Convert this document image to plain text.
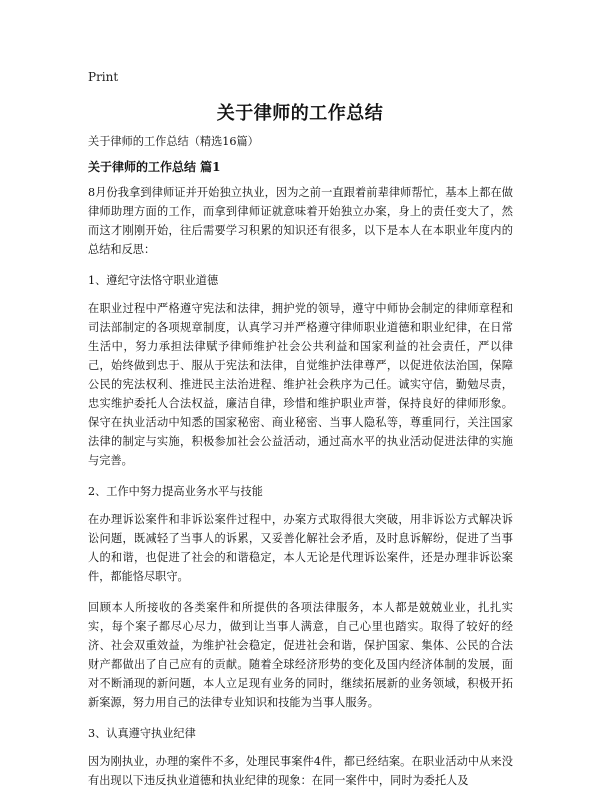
Print
关于律师的工作总结

关于律师的工作总结（精选16篇）

关于律师的工作总结 篇1

8月份我拿到律师证并开始独立执业，因为之前一直跟着前辈律师帮忙，基本上都在做律师助理方面的工作，而拿到律师证就意味着开始独立办案，身上的责任变大了，然而这才刚刚开始，往后需要学习积累的知识还有很多，以下是本人在本职业年度内的总结和反思：

1、遵纪守法恪守职业道德

在职业过程中严格遵守宪法和法律，拥护党的领导，遵守中师协会制定的律师章程和司法部制定的各项规章制度，认真学习并严格遵守律师职业道德和职业纪律，在日常生活中，努力承担法律赋予律师维护社会公共利益和国家利益的社会责任，严以律己，始终做到忠于、服从于宪法和法律，自觉维护法律尊严，以促进依法治国，保障公民的宪法权利、推进民主法治进程、维护社会秩序为己任。诚实守信，勤勉尽责，忠实维护委托人合法权益，廉洁自律，珍惜和维护职业声誉，保持良好的律师形象。保守在执业活动中知悉的国家秘密、商业秘密、当事人隐私等，尊重同行，关注国家法律的制定与实施，积极参加社会公益活动，通过高水平的执业活动促进法律的实施与完善。

2、工作中努力提高业务水平与技能

在办理诉讼案件和非诉讼案件过程中，办案方式取得很大突破，用非诉讼方式解决诉讼问题，既减轻了当事人的诉累，又妥善化解社会矛盾，及时息诉解纷，促进了当事人的和谐，也促进了社会的和谐稳定，本人无论是代理诉讼案件，还是办理非诉讼案件，都能恪尽职守。

回顾本人所接收的各类案件和所提供的各项法律服务，本人都是兢兢业业，扎扎实实，每个案子都尽心尽力，做到让当事人满意，自己心里也踏实。取得了较好的经济、社会双重效益，为维护社会稳定，促进社会和谐，保护国家、集体、公民的合法财产都做出了自己应有的贡献。随着全球经济形势的变化及国内经济体制的发展，面对不断涌现的新问题，本人立足现有业务的同时，继续拓展新的业务领域，积极开拓新案源，努力用自己的法律专业知识和技能为当事人服务。

3、认真遵守执业纪律

因为刚执业，办理的案件不多，处理民事案件4件，都已经结案。在职业活动中从来没有出现以下违反执业道德和执业纪律的现象：在同一案件中，同时为委托人及
